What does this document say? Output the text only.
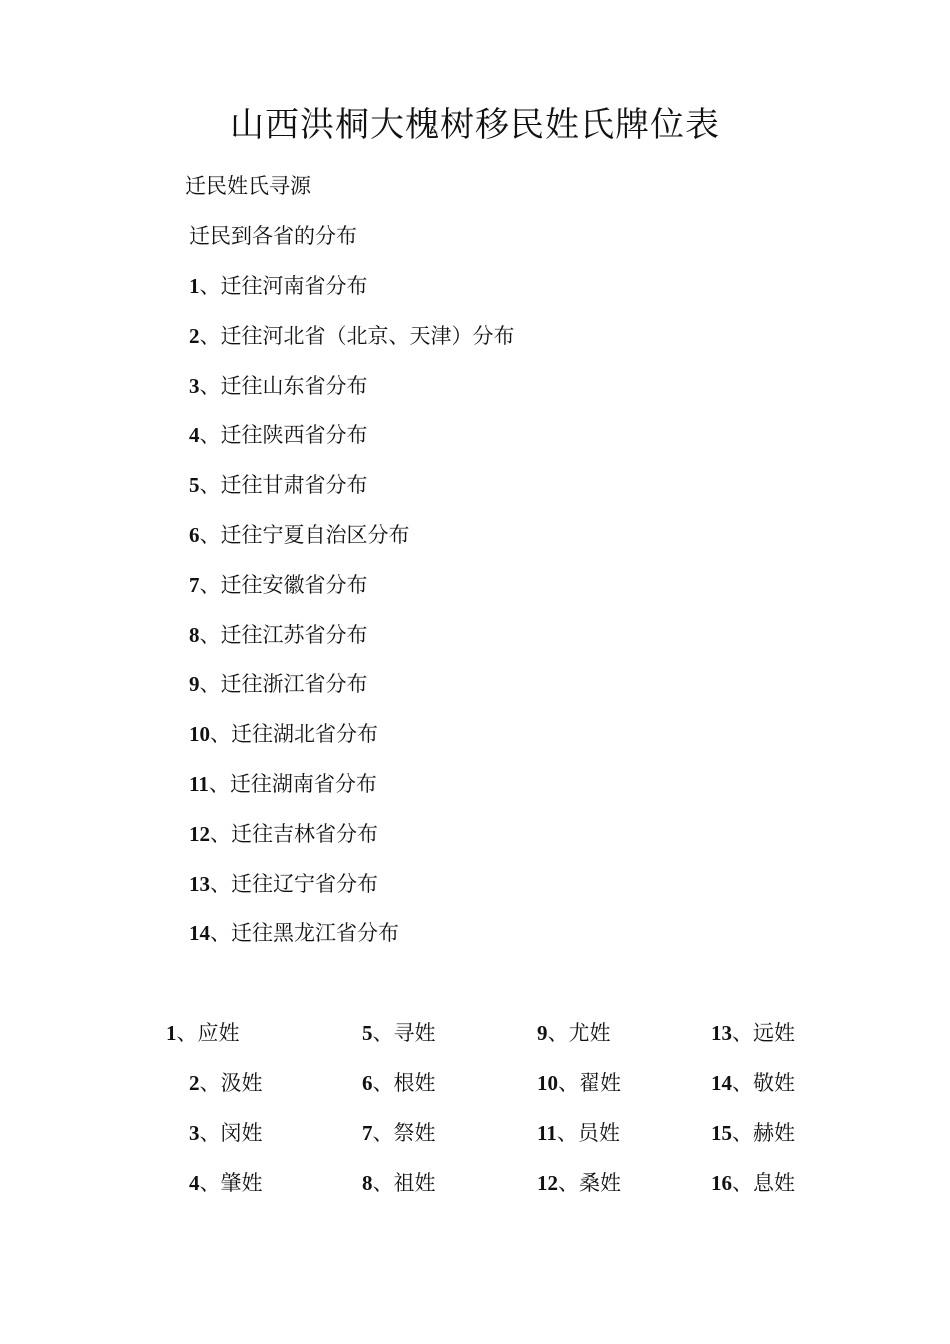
山西洪桐大槐树移民姓氏牌位表
迁民姓氏寻源
迁民到各省的分布
1、迁往河南省分布
2、迁往河北省（北京、天津）分布
3、迁往山东省分布
4、迁往陕西省分布
5、迁往甘肃省分布
6、迁往宁夏自治区分布
7、迁往安徽省分布
8、迁往江苏省分布
9、迁往浙江省分布
10、迁往湖北省分布
11、迁往湖南省分布
12、迁往吉林省分布
13、迁往辽宁省分布
14、迁往黑龙江省分布
1、应姓
2、汲姓
3、闵姓
4、肇姓
5、寻姓
6、根姓
7、祭姓
8、祖姓
9、尤姓
10、翟姓
11、员姓
12、桑姓
13、远姓
14、敬姓
15、赫姓
16、息姓
